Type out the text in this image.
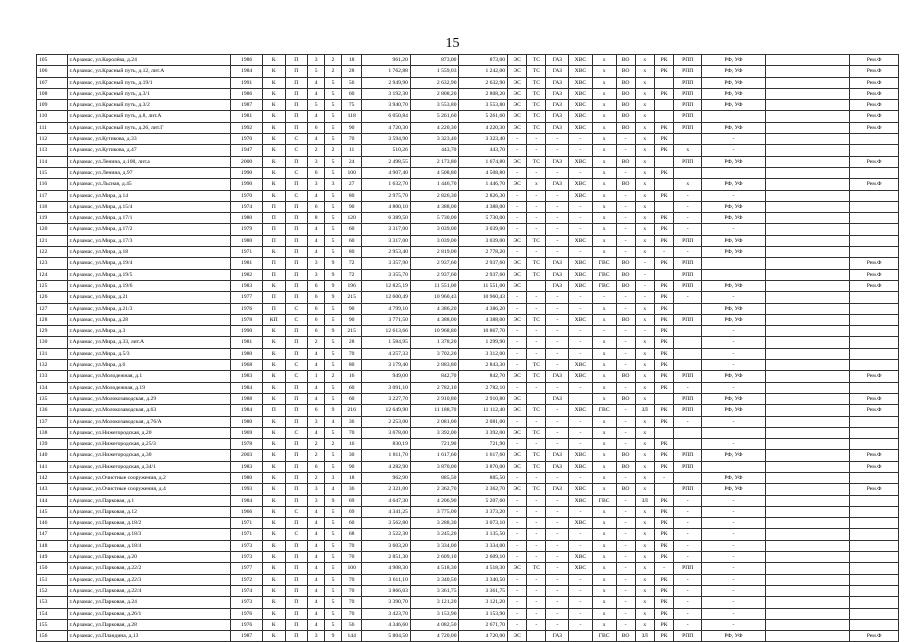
15
105	г.Арзамас, ул.Королёва, д.24	1986	К	П	3	2	18	961,20	873,00	873,00	ЭС	ТС	ГАЗ	ХВС	х	ВО	х	РК	РПП	РФ, УФ		Рем.Ф
106	г.Арзамас, ул.Красный путь, д.12, лит.А	1984	К	П	5	2	28	1 762,88	1 559,03	1 242,00	ЭС	ТС	ГАЗ	ХВС	х	ВО	х	РК	РПП	РФ, УФ		Рем.Ф
107	г.Арзамас, ул.Красный путь, д.19/1	1991	К	П	4	5	56	2 949,90	2 632,90	2 632,90	ЭС	ТС	ГАЗ	ХВС	х	ВО	х		РПП	РФ, УФ		Рем.Ф
108	г.Арзамас, ул.Красный путь, д.3/1	1986	К	П	4	5	60	3 192,30	2 808,20	2 808,20	ЭС	ТС	ГАЗ	ХВС	х	ВО	х	РК	РПП	РФ, УФ		Рем.Ф
109	г.Арзамас, ул.Красный путь, д.3/2	1987	К	П	5	5	75	3 940,70	3 553,80	3 553,80	ЭС	ТС	ГАЗ	ХВС	х	ВО	х		РПП	РФ, УФ		Рем.Ф
110	г.Арзамас, ул.Красный путь, д.8, лит.А	1981	К	П	4	5	118	6 050,84	5 261,60	5 261,60	ЭС	ТС	ГАЗ	ХВС	х	ВО	х		РПП			Рем.Ф
111	г.Арзамас, ул.Красный путь, д.26, лит.Г	1992	К	П	6	5	90	4 720,30	4 220,30	4 220,30	ЭС	ТС	ГАЗ	ХВС	х	ВО	х	РК	РПП	РФ, УФ		Рем.Ф
112	г.Арзамас, ул.Кутикова, д.33	1970	К	С	4	5	70	3 594,90	3 323,40	3 323,40	-	-	-	-	х	-	х	РК		-		
113	г.Арзамас, ул.Кутикова, д.47	1947	К	С	2	2	11	510,26	443,70	443,70	-	-	-	-	х	-	х	РК	х	-		
114	г.Арзамас, ул.Ленина, д.108, лит.а	2000	К	П	3	5	24	2 498,55	2 173,80	1 674,80	ЭС	ТС	ГАЗ	ХВС	х	ВО	х		РПП	РФ, УФ		Рем.Ф
115	г.Арзамас, ул.Ленина, д.97	1990	К	С	6	5	100	4 907,40	4 508,80	4 508,80	-	-	-	-	х	-	х	РК				
116	г.Арзамас, ул.Льсная, д.45	1990	К	П	3	3	27	1 632,70	1 446,70	1 446,70	ЭС	х	ГАЗ	ХВС	х	ВО	х		х	РФ, УФ		Рем.Ф
117	г.Арзамас, ул.Мира, д.14	1970	К	С	4	5	80	2 975,70	2 826,30	2 826,30	-	-	-	ХВС	х	-	х	РК	-	-		
118	г.Арзамас, ул.Мира, д.15/4	1974	П	П	6	5	90	4 800,10	4 388,00	4 388,00	-	-	-	-	х	-	х		-	РФ, УФ		
119	г.Арзамас, ул.Мира, д.17/1	1980	П	П	8	5	120	6 389,50	5 730,00	5 730,00	-	-	-	-	х	-	х	РК	-	РФ, УФ		
120	г.Арзамас, ул.Мира, д.17/2	1979	П	П	4	5	60	3 317,00	3 039,00	3 039,00	-	-	-	-	х	-	х	РК	-	-		
121	г.Арзамас, ул.Мира, д.17/3	1980	П	П	4	5	60	3 317,00	3 039,00	3 039,00	ЭС	ТС	-	ХВС	х	-	х	РК	РПП	РФ, УФ		
122	г.Арзамас, ул.Мира, д.18	1971	К	П	4	5	80	2 953,40	2 819,00	2 778,20	-	-	-	-	х	-	х	-	-	РФ, УФ		
123	г.Арзамас, ул.Мира, д.19/4	1981	П	П	3	9	72	3 357,90	2 937,60	2 937,60	ЭС	ТС	ГАЗ	ХВС	ГВС	ВО	-	РК	РПП			Рем.Ф
124	г.Арзамас, ул.Мира, д.19/5	1982	П	П	3	9	72	3 355,70	2 937,60	2 937,60	ЭС	ТС	ГАЗ	ХВС	ГВС	ВО	-		РПП			Рем.Ф
125	г.Арзамас, ул.Мира, д.19/6	1983	К	П	6	9	196	12 825,19	11 551,00	11 551,00	ЭС		ГАЗ	ХВС	ГВС	ВО	-	РК	РПП	РФ, УФ		Рем.Ф
126	г.Арзамас, ул.Мира, д.21	1977	П	П	6	9	215	12 600,49	10 960,43	10 960,43	-	-	-	-	-	-	-	РК	-	-		
127	г.Арзамас, ул.Мира, д.21/3	1976	П	С	6	5	90	4 799,10	4 386,20	4 386,20	-	-	-	-	х	-	х	РК		РФ, УФ		
128	г.Арзамас, ул.Мира, д.28	1978	КП	С	6	5	90	3 771,50	4 388,00	4 388,00	ЭС	ТС	-	ХВС	х	ВО	х	РК	РПП	РФ, УФ		
129	г.Арзамас, ул.Мира, д.3	1990	К	П	6	9	215	12 613,66	10 968,80	10 867,70	-	-	-	-	-	-	-	РК		-		
130	г.Арзамас, ул.Мира, д.33, лит.А	1981	К	П	2	5	28	1 584,95	1 378,20	1 299,90	-	-	-	-	х	-	х	РК		-		
131	г.Арзамас, ул.Мира, д.5/3	1980	К	П	4	5	70	4 257,33	3 702,20	3 312,00	-	-	-	-	х	-	х	РК		-		
132	г.Арзамас, ул.Мира, д.6	1968	К	С	4	5	80	3 179,40	2 883,80	2 843,30	-	ТС	-	ХВС	х	-	х	РК		-		
133	г.Арзамас, ул.Молодежная, д.1	1983	К	С	1	2	16	949,00	842,70	842,70	ЭС	ТС	ГАЗ	ХВС	х	ВО	х	РК	РПП	РФ, УФ		Рем.Ф
134	г.Арзамас, ул.Молодежная, д.19	1984	К	П	4	5	60	3 091,10	2 782,10	2 782,10	-	-	-	-	х	-	х	РК	-	-		
135	г.Арзамас, ул.Молокозаводская, д.29	1988	К	П	4	5	60	3 227,70	2 910,80	2 910,80	ЭС		ГАЗ		х	ВО	х		РПП	РФ, УФ		Рем.Ф
136	г.Арзамас, ул.Молокозаводская, д.63	1984	П	П	6	9	216	12 649,90	11 188,70	11 112,40	ЭС	ТС	-	ХВС	ГВС	-	ЗЛ	РК	РПП	РФ, УФ		Рем.Ф
137	г.Арзамас, ул.Молокозаводская, д.76/А	1980	К	П	3	4	36	2 253,00	2 081,00	2 081,00	-	-	-	-	х	-	х	РК	-	-		
138	г.Арзамас, ул.Нижегородская, д.20	1969	К	С	4	5	70	3 678,00	3 392,00	3 392,00	ЭС	ТС	-	-	х	-	х					
139	г.Арзамас, ул.Нижегородская, д.25/3	1978	К	П	2	2	16	830,19	721,90	721,90	-	-	-	-	х	-	х	РК		-		
140	г.Арзамас, ул.Нижегородская, д.30	2003	К	П	2	5	30	1 811,70	1 617,60	1 617,60	ЭС	ТС	ГАЗ	ХВС	х	ВО	х	РК	РПП	РФ, УФ		Рем.Ф
141	г.Арзамас, ул.Нижегородская, д.34/1	1983	К	П	6	5	90	4 282,90	3 870,00	3 870,00	ЭС	ТС	ГАЗ	ХВС	х	ВО	х	РК	РПП			Рем.Ф
142	г.Арзамас, ул.Очистные сооружения, д.2	1980	К	П	2	3	18	962,90	885,50	885,50	-	-	-	-	х	-	х	-		РФ, УФ		
143	г.Арзамас, ул.Очистные сооружения, д.4	1993	К	П	3	4	36	2 321,00	2 362,70	2 362,70	ЭС	ТС	ГАЗ	ХВС	х	ВО	х		РПП	РФ, УФ		Рем.Ф
144	г.Арзамас, ул.Парковая, д.1	1984	К	П	3	9	69	4 647,30	4 206,90	5 207,60	-	-	-	ХВС	ГВС	-	ЗЛ	РК	-	-		
145	г.Арзамас, ул.Парковая, д.12	1966	К	С	4	5	69	4 341,25	3 775,00	3 373,20	-	-	-	-	х	-	х	РК	-	-		
146	г.Арзамас, ул.Парковая, д.18/2	1971	К	П	4	5	60	3 562,80	3 288,30	3 073,10	-	-	-	ХВС	х	-	х	РК	-	-		
147	г.Арзамас, ул.Парковая, д.18/3	1971	К	С	4	5	68	3 522,30	3 245,20	3 135,50	-	-	-	-	х	-	х	РК	-	-		
148	г.Арзамас, ул.Парковая, д.18/4	1973	К	П	4	5	70	3 603,20	3 334,00	3 334,00	-	-	-	-	х	-	х	РК	-	-		
149	г.Арзамас, ул.Парковая, д.20	1973	К	П	4	5	70	2 851,30	2 609,10	2 609,10	-	-	-	ХВС	х	-	х	РК	-	-		
150	г.Арзамас, ул.Парковая, д.22/2	1977	К	П	4	5	100	4 908,30	4 518,30	4 518,30	ЭС	ТС	-	ХВС	х	-	х	-	РПП	-		
151	г.Арзамас, ул.Парковая, д.22/3	1972	К	П	4	5	70	3 611,10	3 340,50	3 340,50	-	-	-	-	х	-	х	РК	-	-		
152	г.Арзамас, ул.Парковая, д.22/4	1974	К	П	4	5	70	3 866,03	3 361,75	3 361,75	-	-	-	-	х	-	х	РК	-	-		
153	г.Арзамас, ул.Парковая, д.24	1973	К	П	4	5	70	3 390,70	3 121,20	3 121,20	-	-	-	-	х	-	х	РК	-	-		
154	г.Арзамас, ул.Парковая, д.26/1	1976	К	П	4	5	70	3 423,70	3 153,90	3 153,90	-	-	-	-	х	-	х	РК	-	-		
155	г.Арзамас, ул.Парковая, д.28	1976	К	П	4	5	56	4 346,60	4 082,50	2 671,70	-	-	-	-	х	-	х	РК	-	-		
156	г.Арзамас, ул.Пландина, д.13	1987	К	П	3	9	144	5 804,50	4 720,00	4 720,00	ЭС		ГАЗ		ГВС	ВО	ЗЛ	РК	РПП	РФ, УФ		Рем.Ф
